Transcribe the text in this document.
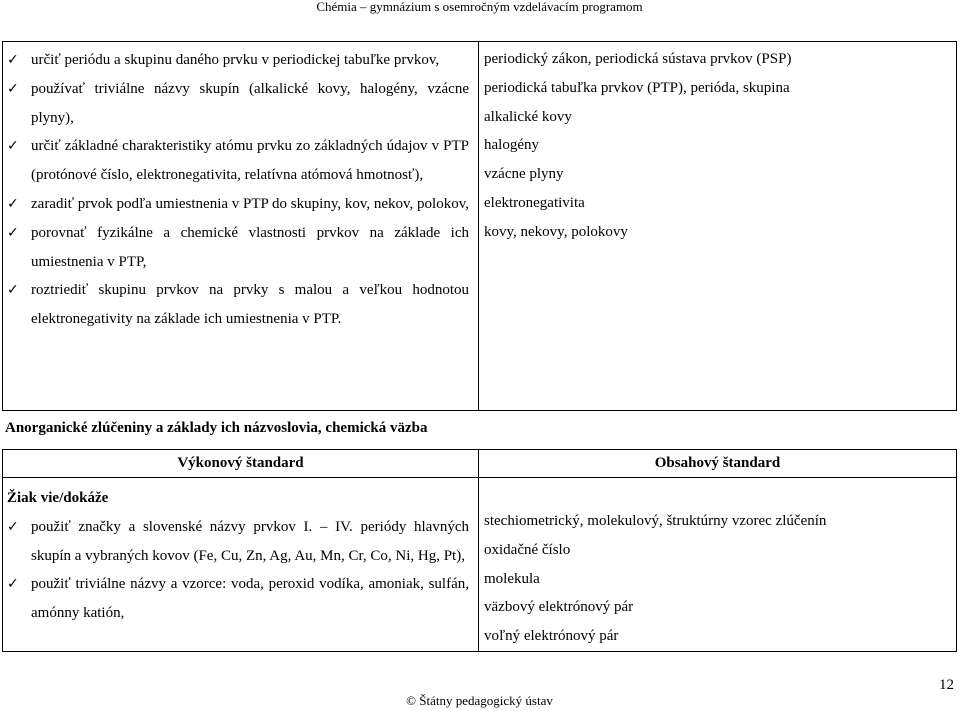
Chémia – gymnázium s osemročným vzdelávacím programom
✓ určiť periódu a skupinu daného prvku v periodickej tabuľke prvkov,
✓ používať triviálne názvy skupín (alkalické kovy, halogény, vzácne plyny),
✓ určiť základné charakteristiky atómu prvku zo základných údajov v PTP (protónové číslo, elektronegativita, relatívna atómová hmotnosť),
✓ zaradiť prvok podľa umiestnenia v PTP do skupiny, kov, nekov, polokov,
✓ porovnať fyzikálne a chemické vlastnosti prvkov na základe ich umiestnenia v PTP,
✓ roztriediť skupinu prvkov na prvky s malou a veľkou hodnotou elektronegativity na základe ich umiestnenia v PTP.
periodický zákon, periodická sústava prvkov (PSP)
periodická tabuľka prvkov (PTP), perióda, skupina
alkalické kovy
halogény
vzácne plyny
elektronegativita
kovy, nekovy, polokovy
Anorganické zlúčeniny a základy ich názvoslovia, chemická väzba
Výkonový štandard	Obsahový štandard
Žiak vie/dokáže
✓ použiť značky a slovenské názvy prvkov I. – IV. periódy hlavných skupín a vybraných kovov (Fe, Cu, Zn, Ag, Au, Mn, Cr, Co, Ni, Hg, Pt),
✓ použiť triviálne názvy a vzorce: voda, peroxid vodíka, amoniak, sulfán, amónny katión,
stechiometrický, molekulový, štruktúrny vzorec zlúčenín
oxidačné číslo
molekula
väzbový elektrónový pár
voľný elektrónový pár
12
© Štátny pedagogický ústav
